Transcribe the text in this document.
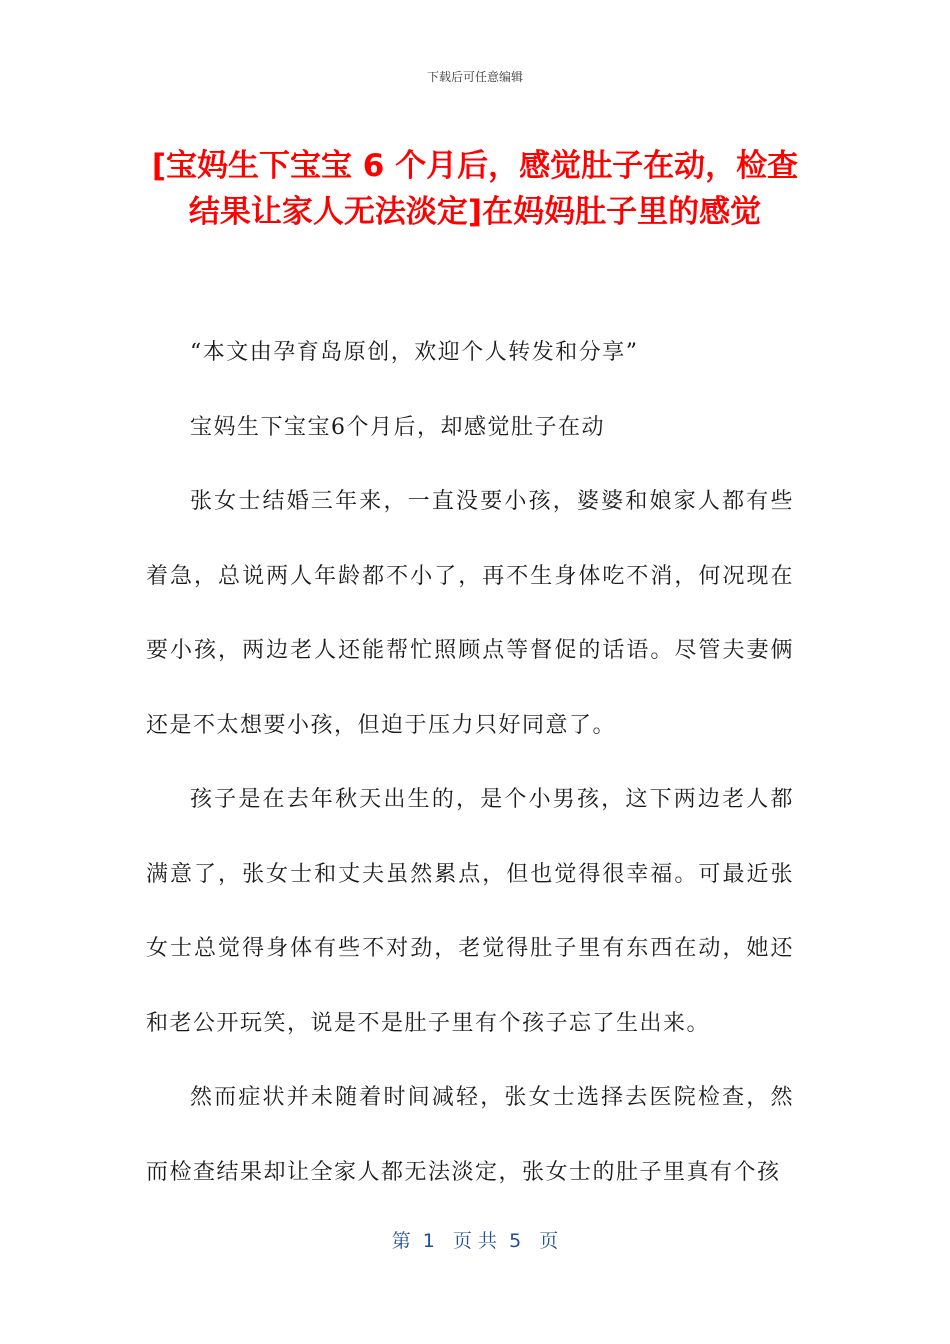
下载后可任意编辑
[宝妈生下宝宝 6 个月后，感觉肚子在动，检查结果让家人无法淡定]在妈妈肚子里的感觉

“本文由孕育岛原创，欢迎个人转发和分享”

宝妈生下宝宝6个月后，却感觉肚子在动

张女士结婚三年来，一直没要小孩，婆婆和娘家人都有些着急，总说两人年龄都不小了，再不生身体吃不消，何况现在要小孩，两边老人还能帮忙照顾点等督促的话语。尽管夫妻俩还是不太想要小孩，但迫于压力只好同意了。

孩子是在去年秋天出生的，是个小男孩，这下两边老人都满意了，张女士和丈夫虽然累点，但也觉得很幸福。可最近张女士总觉得身体有些不对劲，老觉得肚子里有东西在动，她还和老公开玩笑，说是不是肚子里有个孩子忘了生出来。

然而症状并未随着时间减轻，张女士选择去医院检查，然而检查结果却让全家人都无法淡定，张女士的肚子里真有个孩

第  1   页 共  5   页
